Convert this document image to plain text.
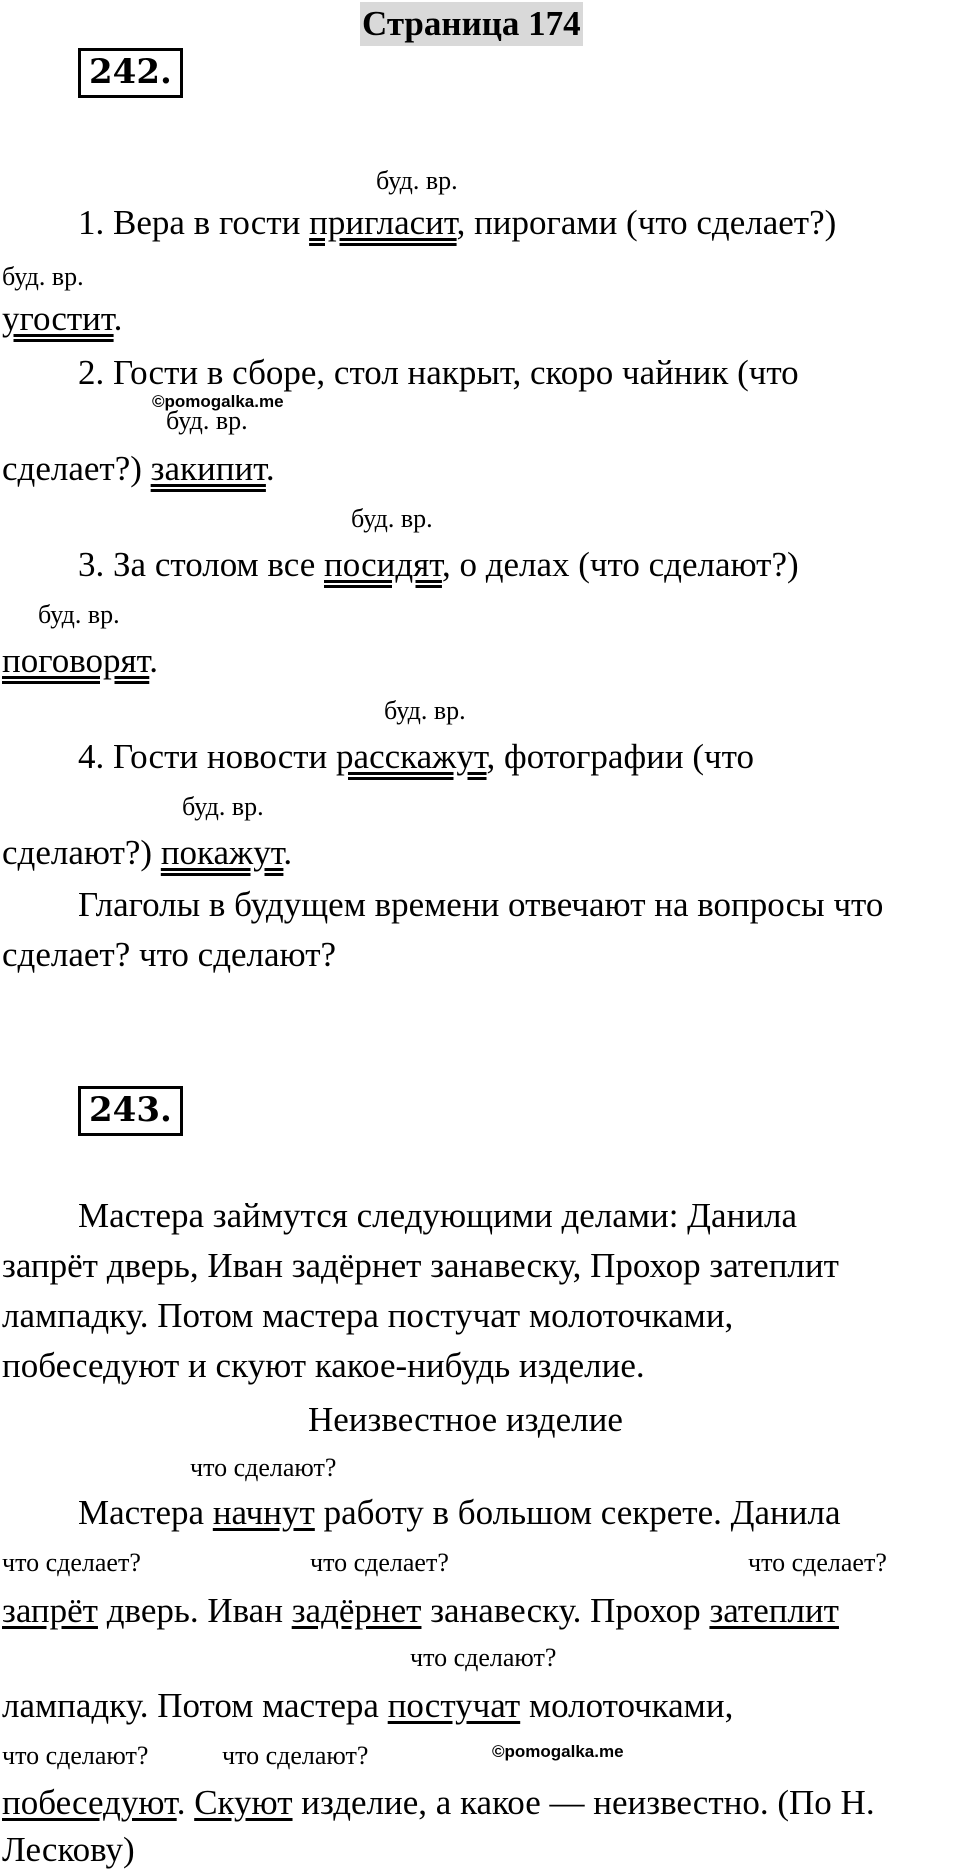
Страница 174
242.
буд. вр.
1. Вера в гости пригласит, пирогами (что сделает?)
буд. вр.
угостит.
2. Гости в сборе, стол накрыт, скоро чайник (что
©pomogalka.me
буд. вр.
сделает?) закипит.
буд. вр.
3. За столом все посидят, о делах (что сделают?)
буд. вр.
поговорят.
буд. вр.
4. Гости новости расскажут, фотографии (что
буд. вр.
сделают?) покажут.
Глаголы в будущем времени отвечают на вопросы что
сделает? что сделают?
243.
Мастера займутся следующими делами: Данила
запрёт дверь, Иван задёрнет занавеску, Прохор затеплит
лампадку. Потом мастера постучат молоточками,
побеседуют и скуют какое-нибудь изделие.
Неизвестное изделие
что сделают?
Мастера начнут работу в большом секрете. Данила
что сделает?	что сделает?	что сделает?
запрёт дверь. Иван задёрнет занавеску. Прохор затеплит
что сделают?
лампадку. Потом мастера постучат молоточками,
что сделают?	что сделают?	©pomogalka.me
побеседуют. Скуют изделие, а какое — неизвестно. (По Н.
Лескову)
